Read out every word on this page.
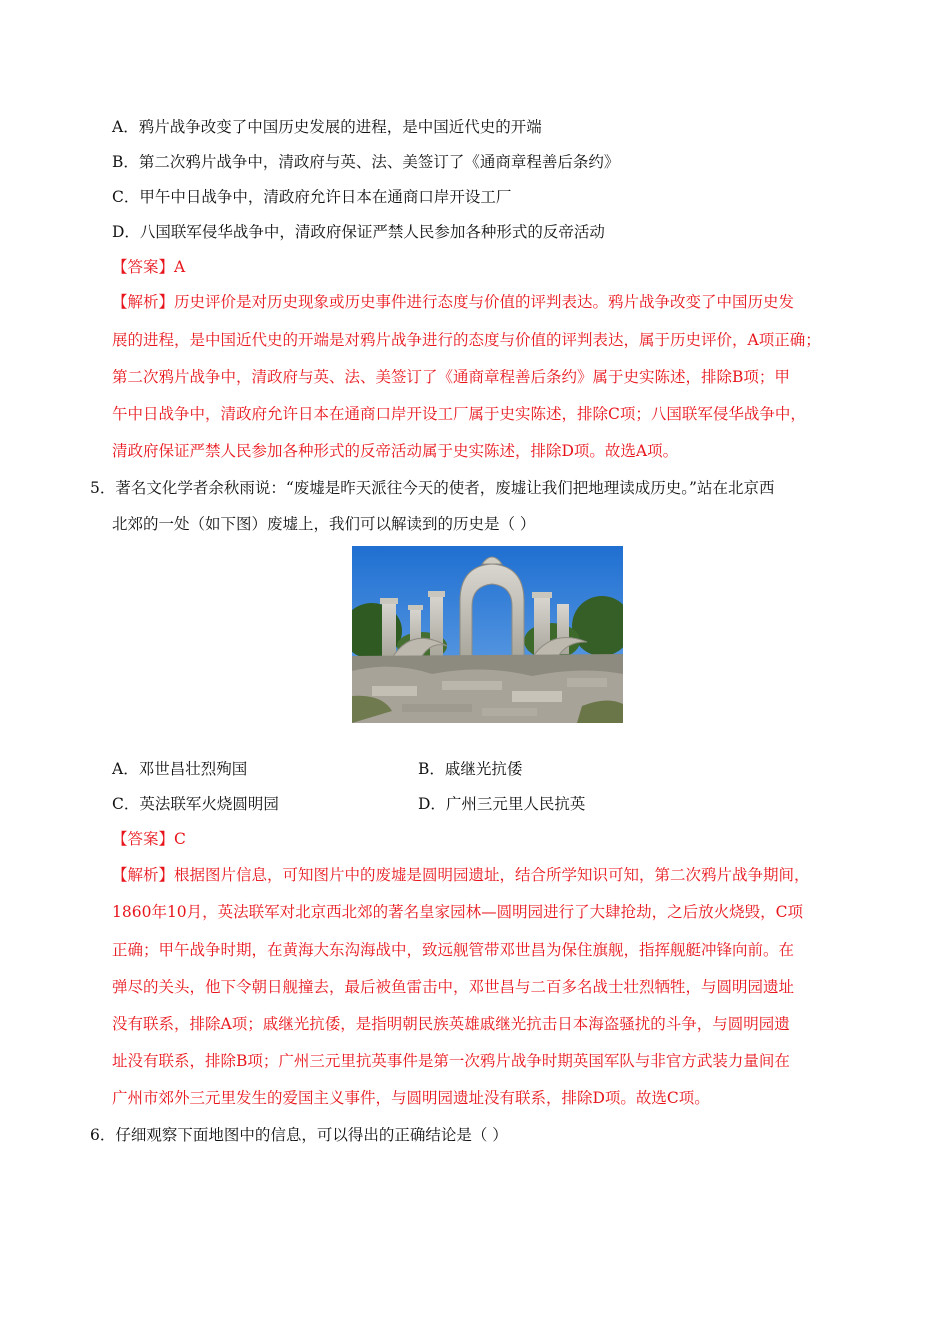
A．鸦片战争改变了中国历史发展的进程，是中国近代史的开端
B．第二次鸦片战争中，清政府与英、法、美签订了《通商章程善后条约》
C．甲午中日战争中，清政府允许日本在通商口岸开设工厂
D．八国联军侵华战争中，清政府保证严禁人民参加各种形式的反帝活动
【答案】A
【解析】历史评价是对历史现象或历史事件进行态度与价值的评判表达。鸦片战争改变了中国历史发
展的进程，是中国近代史的开端是对鸦片战争进行的态度与价值的评判表达，属于历史评价，A项正确；
第二次鸦片战争中，清政府与英、法、美签订了《通商章程善后条约》属于史实陈述，排除B项；甲
午中日战争中，清政府允许日本在通商口岸开设工厂属于史实陈述，排除C项；八国联军侵华战争中，
清政府保证严禁人民参加各种形式的反帝活动属于史实陈述，排除D项。故选A项。
5．著名文化学者余秋雨说：“废墟是昨天派往今天的使者，废墟让我们把地理读成历史。”站在北京西
北郊的一处（如下图）废墟上，我们可以解读到的历史是（ ）
A．邓世昌壮烈殉国	B．戚继光抗倭
C．英法联军火烧圆明园	D．广州三元里人民抗英
【答案】C
【解析】根据图片信息，可知图片中的废墟是圆明园遗址，结合所学知识可知，第二次鸦片战争期间，
1860年10月，英法联军对北京西北郊的著名皇家园林—圆明园进行了大肆抢劫，之后放火烧毁，C项
正确；甲午战争时期，在黄海大东沟海战中，致远舰管带邓世昌为保住旗舰，指挥舰艇冲锋向前。在
弹尽的关头，他下令朝日舰撞去，最后被鱼雷击中，邓世昌与二百多名战士壮烈牺牲，与圆明园遗址
没有联系，排除A项；戚继光抗倭，是指明朝民族英雄戚继光抗击日本海盗骚扰的斗争，与圆明园遗
址没有联系，排除B项；广州三元里抗英事件是第一次鸦片战争时期英国军队与非官方武装力量间在
广州市郊外三元里发生的爱国主义事件，与圆明园遗址没有联系，排除D项。故选C项。
6．仔细观察下面地图中的信息，可以得出的正确结论是（ ）
